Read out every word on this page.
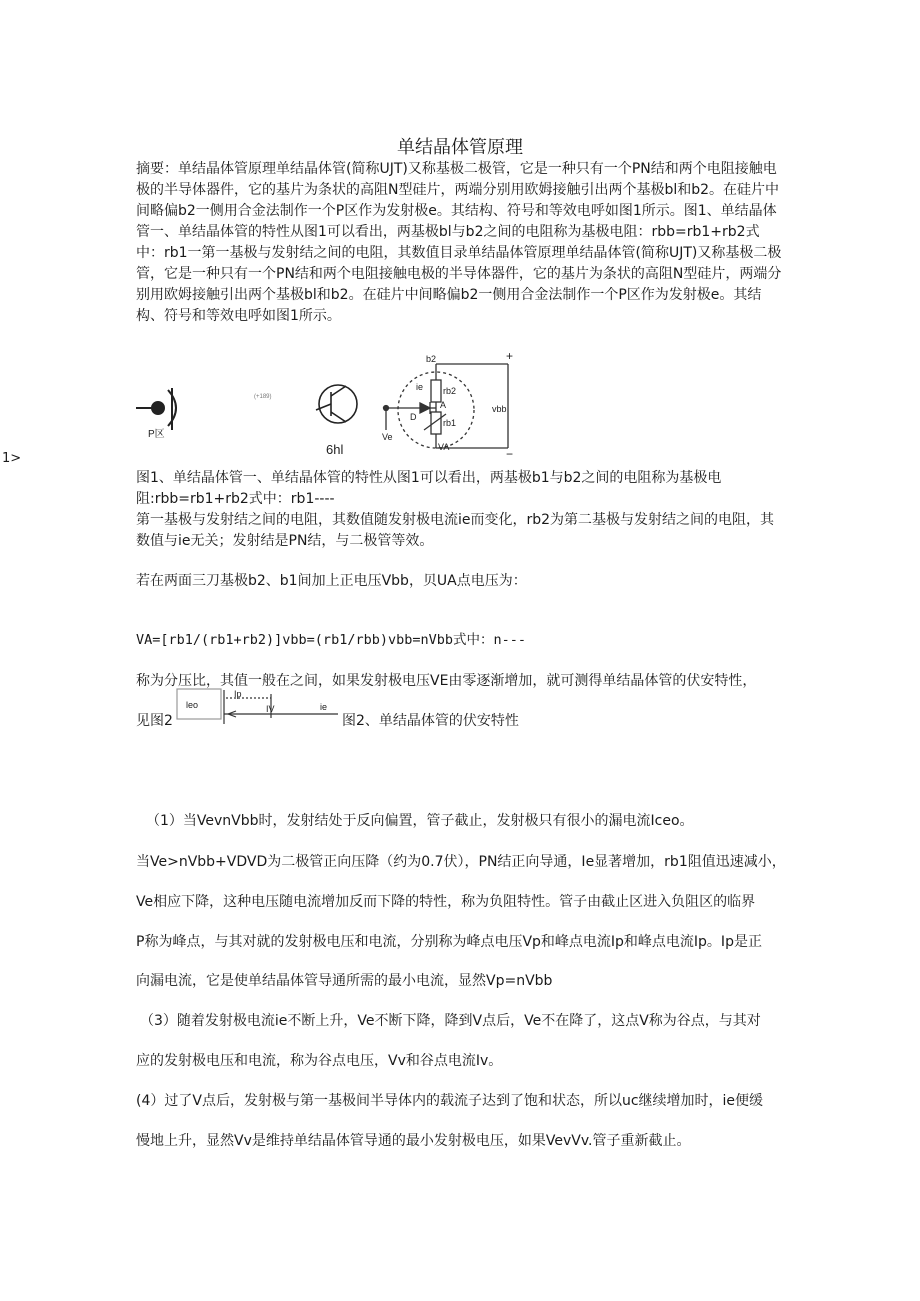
单结晶体管原理
摘要：单结晶体管原理单结晶体管(简称UJT)又称基极二极管，它是一种只有一个PN结和两个电阻接触电极的半导体器件，它的基片为条状的高阻N型硅片，两端分别用欧姆接触引出两个基极bl和b2。在硅片中间略偏b2一侧用合金法制作一个P区作为发射极e。其结构、符号和等效电呼如图1所示。图1、单结晶体管一、单结晶体管的特性从图1可以看出，两基极bl与b2之间的电阻称为基极电阻：rbb=rb1+rb2式中：rb1一第一基极与发射结之间的电阻，其数值目录单结晶体管原理单结晶体管(简称UJT)又称基极二极管，它是一种只有一个PN结和两个电阻接触电极的半导体器件，它的基片为条状的高阻N型硅片，两端分别用欧姆接触引出两个基极bl和b2。在硅片中间略偏b2一侧用合金法制作一个P区作为发射极e。其结构、符号和等效电呼如图1所示。
1>
P区
(+189)
6hl
b2
ie rb2
A
D
rb1
Ve
VA
vbb
+
−
图1、单结晶体管一、单结晶体管的特性从图1可以看出，两基极b1与b2之间的电阻称为基极电阻:rbb=rb1+rb2式中：rb1----
第一基极与发射结之间的电阻，其数值随发射极电流ie而变化，rb2为第二基极与发射结之间的电阻，其数值与ie无关；发射结是PN结，与二极管等效。
若在两面三刀基极b2、b1间加上正电压Vbb，贝UA点电压为：
VA=[rb1/(rb1+rb2)]vbb=(rb1/rbb)vbb=nVbb式中：n---
称为分压比，其值一般在之间，如果发射极电压VE由零逐渐增加，就可测得单结晶体管的伏安特性，
见图2
leo
Ip
IV	ie
图2、单结晶体管的伏安特性
（1）当VevnVbb时，发射结处于反向偏置，管子截止，发射极只有很小的漏电流Iceo。
当Ve>nVbb+VDVD为二极管正向压降（约为0.7伏），PN结正向导通，Ie显著增加，rb1阻值迅速减小，
Ve相应下降，这种电压随电流增加反而下降的特性，称为负阻特性。管子由截止区进入负阻区的临界
P称为峰点，与其对就的发射极电压和电流，分别称为峰点电压Vp和峰点电流Ip和峰点电流Ip。Ip是正
向漏电流，它是使单结晶体管导通所需的最小电流，显然Vp=nVbb
（3）随着发射极电流ie不断上升，Ve不断下降，降到V点后，Ve不在降了，这点V称为谷点，与其对
应的发射极电压和电流，称为谷点电压，Vv和谷点电流Iv。
(4）过了V点后，发射极与第一基极间半导体内的载流子达到了饱和状态，所以uc继续增加时，ie便缓
慢地上升，显然Vv是维持单结晶体管导通的最小发射极电压，如果VevVv.管子重新截止。
